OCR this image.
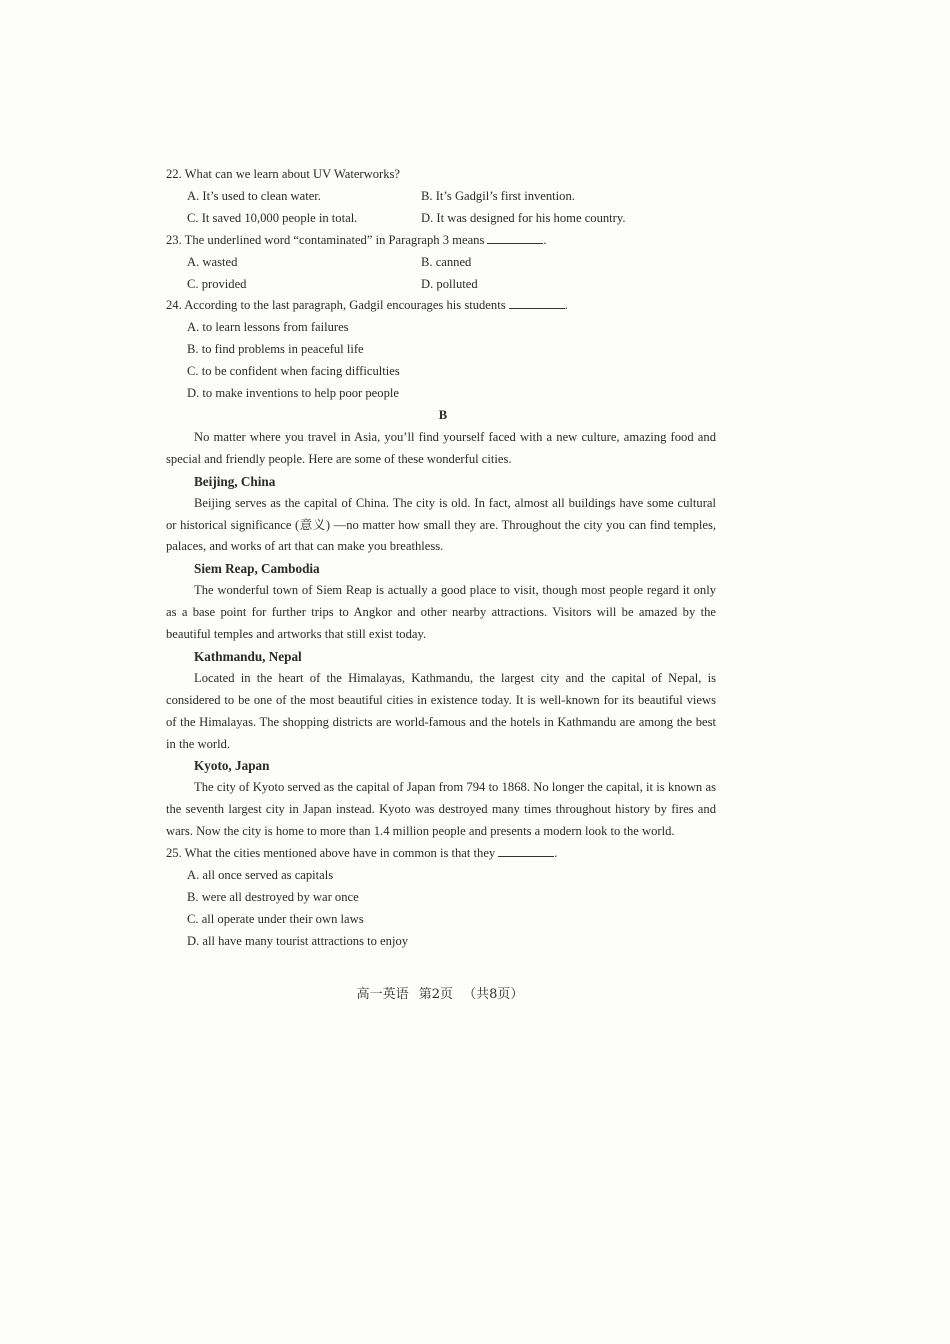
22. What can we learn about UV Waterworks?

A. It’s used to clean water.	B. It’s Gadgil’s first invention.
C. It saved 10,000 people in total.	D. It was designed for his home country.

23. The underlined word “contaminated” in Paragraph 3 means	.

A. wasted	B. canned
C. provided	D. polluted

24. According to the last paragraph, Gadgil encourages his students	.

A. to learn lessons from failures
B. to find problems in peaceful life
C. to be confident when facing difficulties
D. to make inventions to help poor people
B

No matter where you travel in Asia, you’ll find yourself faced with a new culture, amazing food and special and friendly people. Here are some of these wonderful cities.

Beijing, China

Beijing serves as the capital of China. The city is old. In fact, almost all buildings have some cultural or historical significance (意义) —no matter how small they are. Throughout the city you can find temples, palaces, and works of art that can make you breathless.

Siem Reap, Cambodia

The wonderful town of Siem Reap is actually a good place to visit, though most people regard it only as a base point for further trips to Angkor and other nearby attractions. Visitors will be amazed by the beautiful temples and artworks that still exist today.

Kathmandu, Nepal

Located in the heart of the Himalayas, Kathmandu, the largest city and the capital of Nepal, is considered to be one of the most beautiful cities in existence today. It is well-known for its beautiful views of the Himalayas. The shopping districts are world-famous and the hotels in Kathmandu are among the best in the world.

Kyoto, Japan

The city of Kyoto served as the capital of Japan from 794 to 1868. No longer the capital, it is known as the seventh largest city in Japan instead. Kyoto was destroyed many times throughout history by fires and wars. Now the city is home to more than 1.4 million people and presents a modern look to the world.

25. What the cities mentioned above have in common is that they	.

A. all once served as capitals
B. were all destroyed by war once
C. all operate under their own laws
D. all have many tourist attractions to enjoy
高一英语 第2页 （共8页）
